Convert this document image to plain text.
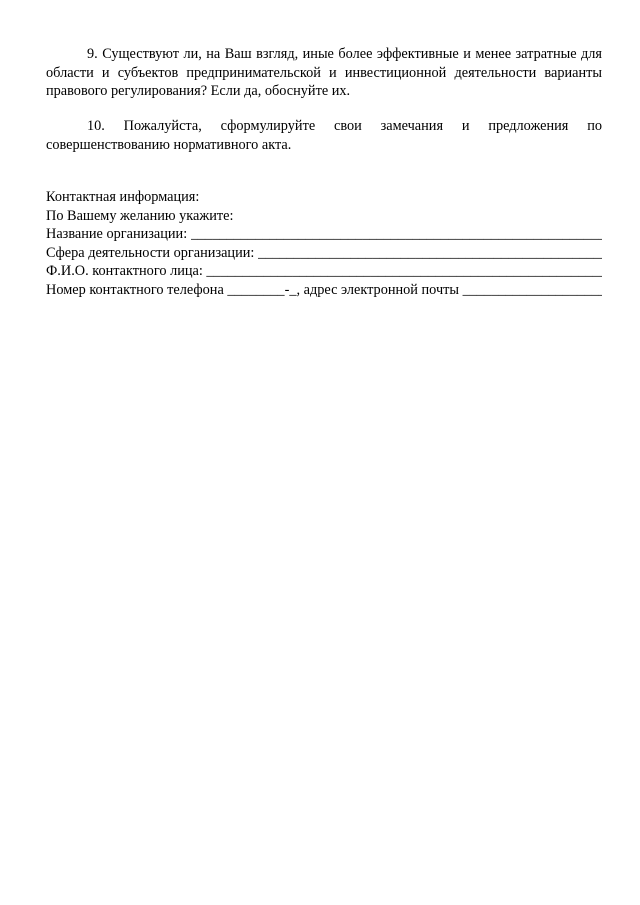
9. Существуют ли, на Ваш взгляд, иные более эффективные и менее затратные для области и субъектов предпринимательской и инвестиционной деятельности варианты правового регулирования? Если да, обоснуйте их.

10. Пожалуйста, сформулируйте свои замечания и предложения по совершенствованию нормативного акта.

Контактная информация:
По Вашему желанию укажите:
Название организации:
_____
Сфера деятельности организации:
_____
Ф.И.О. контактного лица:
_____
Номер контактного телефона ________-_ , адрес электронной почты ____________
_____
